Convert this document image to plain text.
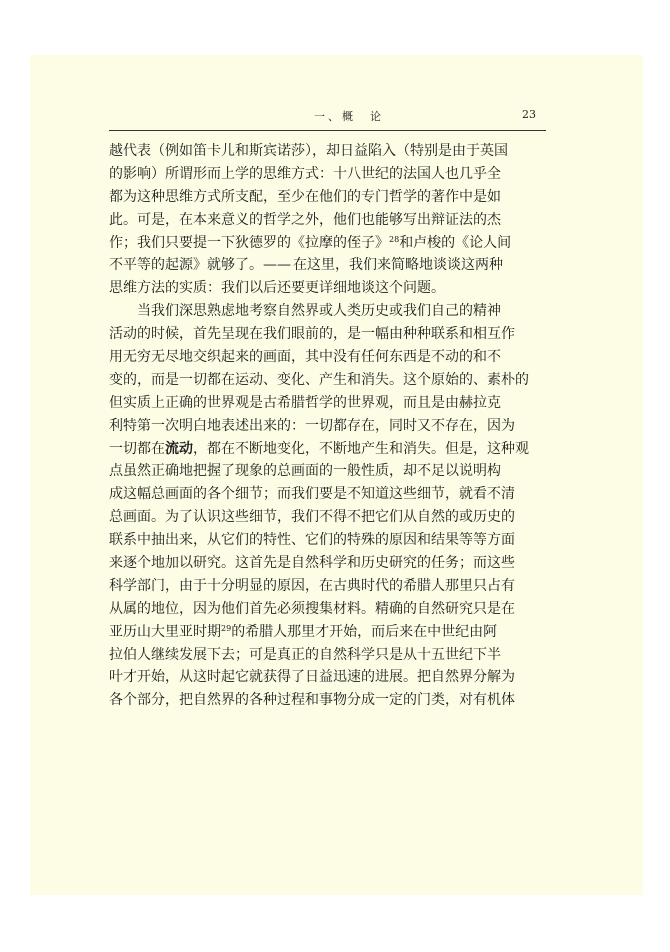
一、概　论	23
越代表（例如笛卡儿和斯宾诺莎），却日益陷入（特别是由于英国
的影响）所谓形而上学的思维方式：十八世纪的法国人也几乎全
都为这种思维方式所支配，至少在他们的专门哲学的著作中是如
此。可是，在本来意义的哲学之外，他们也能够写出辩证法的杰
作；我们只要提一下狄德罗的《拉摩的侄子》$^{28}$和卢梭的《论人间
不平等的起源》就够了。—— 在这里，我们来简略地谈谈这两种
思维方法的实质：我们以后还要更详细地谈这个问题。
当我们深思熟虑地考察自然界或人类历史或我们自己的精神
活动的时候，首先呈现在我们眼前的，是一幅由种种联系和相互作
用无穷无尽地交织起来的画面，其中没有任何东西是不动的和不
变的，而是一切都在运动、变化、产生和消失。这个原始的、素朴的
但实质上正确的世界观是古希腊哲学的世界观，而且是由赫拉克
利特第一次明白地表述出来的：一切都存在，同时又不存在，因为
一切都在流动，都在不断地变化，不断地产生和消失。但是，这种观
点虽然正确地把握了现象的总画面的一般性质，却不足以说明构
成这幅总画面的各个细节；而我们要是不知道这些细节，就看不清
总画面。为了认识这些细节，我们不得不把它们从自然的或历史的
联系中抽出来，从它们的特性、它们的特殊的原因和结果等等方面
来逐个地加以研究。这首先是自然科学和历史研究的任务；而这些
科学部门，由于十分明显的原因，在古典时代的希腊人那里只占有
从属的地位，因为他们首先必须搜集材料。精确的自然研究只是在
亚历山大里亚时期$^{29}$的希腊人那里才开始，而后来在中世纪由阿
拉伯人继续发展下去；可是真正的自然科学只是从十五世纪下半
叶才开始，从这时起它就获得了日益迅速的进展。把自然界分解为
各个部分，把自然界的各种过程和事物分成一定的门类，对有机体
